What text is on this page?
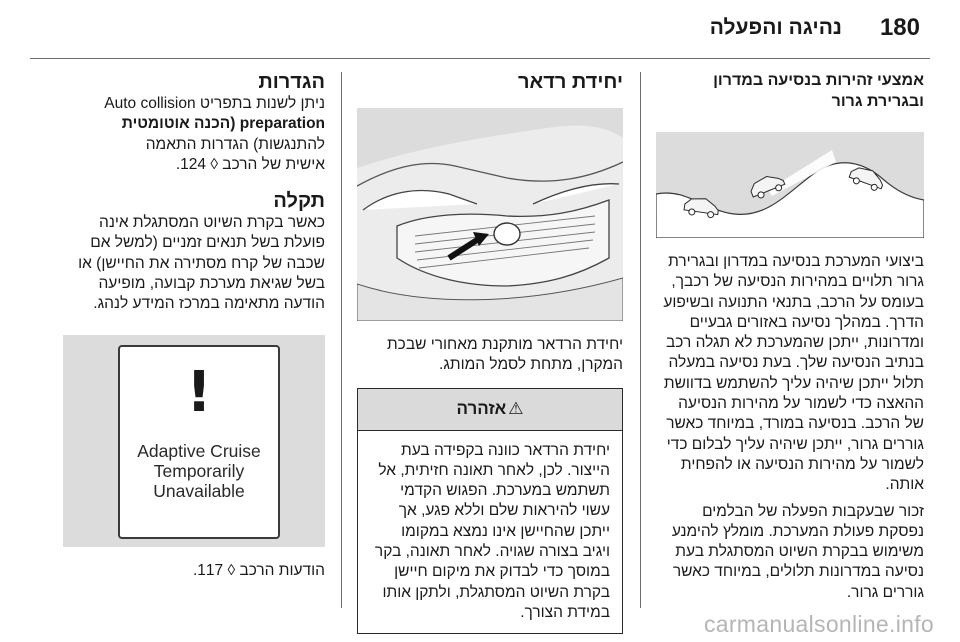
180
נהיגה והפעלה
אמצעי זהירות בנסיעה במדרון ובגרירת גרור

ביצועי המערכת בנסיעה במדרון ובגרירת גרור תלויים במהירות הנסיעה של רכבך, בעומס על הרכב, בתנאי התנועה ובשיפוע הדרך. במהלך נסיעה באזורים גבעיים ומדרונות, ייתכן שהמערכת לא תגלה רכב בנתיב הנסיעה שלך. בעת נסיעה במעלה תלול ייתכן שיהיה עליך להשתמש בדוושת ההאצה כדי לשמור על מהירות הנסיעה של הרכב. בנסיעה במורד, במיוחד כאשר גוררים גרור, ייתכן שיהיה עליך לבלום כדי לשמור על מהירות הנסיעה או להפחית אותה.

זכור שבעקבות הפעלה של הבלמים נפסקת פעולת המערכת. מומלץ להימנע משימוש בבקרת השיוט המסתגלת בעת נסיעה במדרונות תלולים, במיוחד כאשר גוררים גרור.

יחידת רדאר

יחידת הרדאר מותקנת מאחורי שבכת המקרן, מתחת לסמל המותג.

⚠
אזהרה
יחידת הרדאר כוונה בקפידה בעת הייצור. לכן, לאחר תאונה חזיתית, אל תשתמש במערכת. הפגוש הקדמי עשוי להיראות שלם וללא פגע, אך ייתכן שהחיישן אינו נמצא במקומו ויגיב בצורה שגויה. לאחר תאונה, בקר במוסך כדי לבדוק את מיקום חיישן בקרת השיוט המסתגלת, ולתקן אותו במידת הצורך.
הגדרות

ניתן לשנות בתפריט Auto collision

preparation (הכנה אוטומטית

להתנגשות) הגדרות התאמה

אישית של הרכב ◊ 124.

תקלה

כאשר בקרת השיוט המסתגלת אינה פועלת בשל תנאים זמניים (למשל אם שכבה של קרח מסתירה את החיישן) או בשל שגיאת מערכת קבועה, מופיעה הודעה מתאימה במרכז המידע לנהג.

!
Adaptive Cruise
Temporarily
Unavailable

הודעות הרכב ◊ 117.

carmanualsonline.info
